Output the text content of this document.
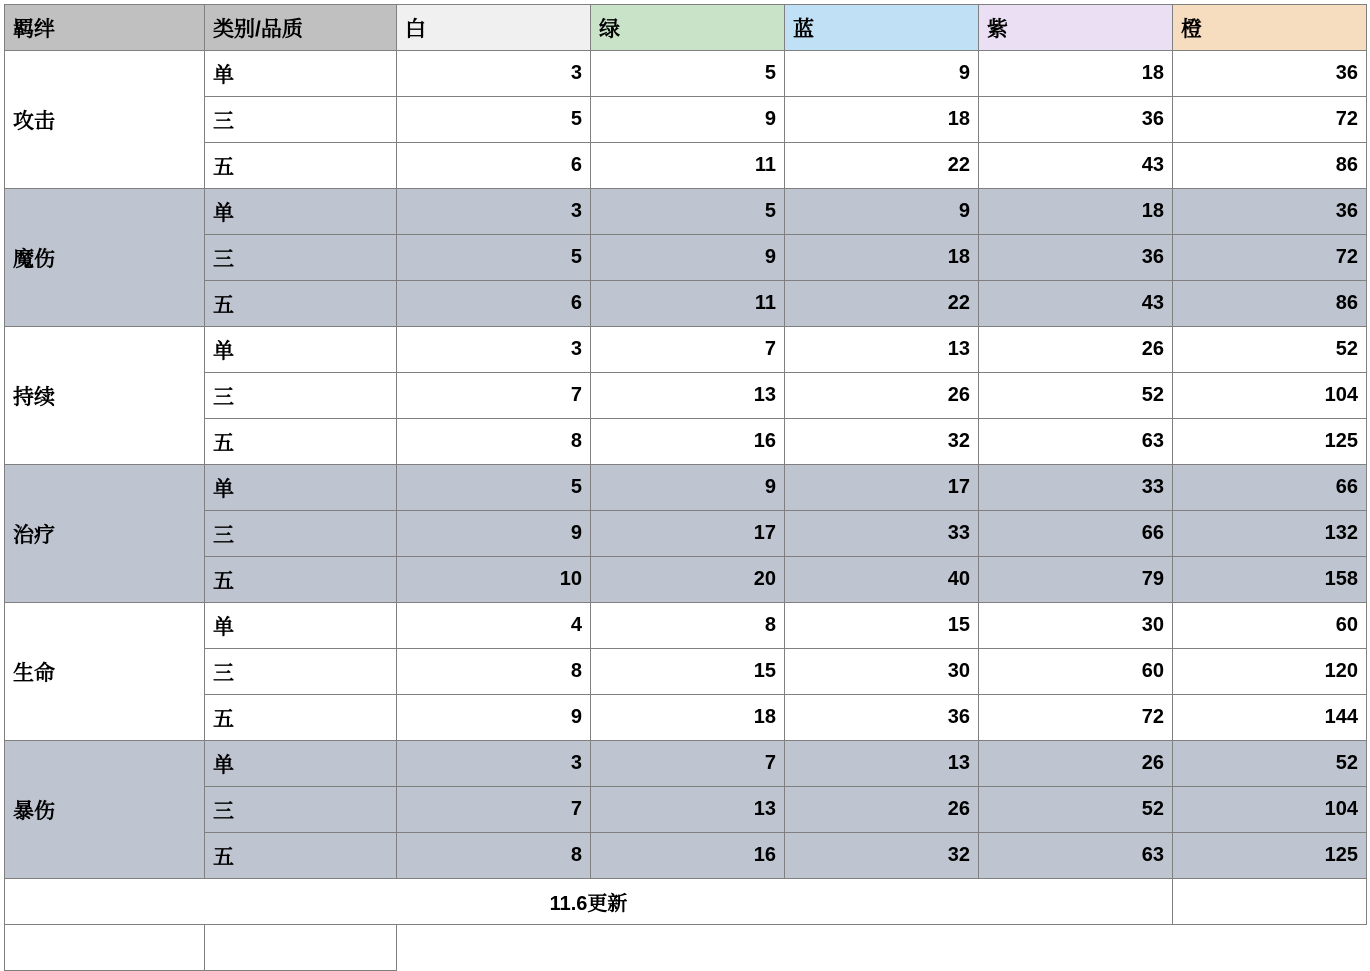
羁绊	类别/品质	白	绿	蓝	紫	橙
攻击	单	3	5	9	18	36
	三	5	9	18	36	72
	五	6	11	22	43	86
魔伤	单	3	5	9	18	36
	三	5	9	18	36	72
	五	6	11	22	43	86
持续	单	3	7	13	26	52
	三	7	13	26	52	104
	五	8	16	32	63	125
治疗	单	5	9	17	33	66
	三	9	17	33	66	132
	五	10	20	40	79	158
生命	单	4	8	15	30	60
	三	8	15	30	60	120
	五	9	18	36	72	144
暴伤	单	3	7	13	26	52
	三	7	13	26	52	104
	五	8	16	32	63	125
11.6更新						
